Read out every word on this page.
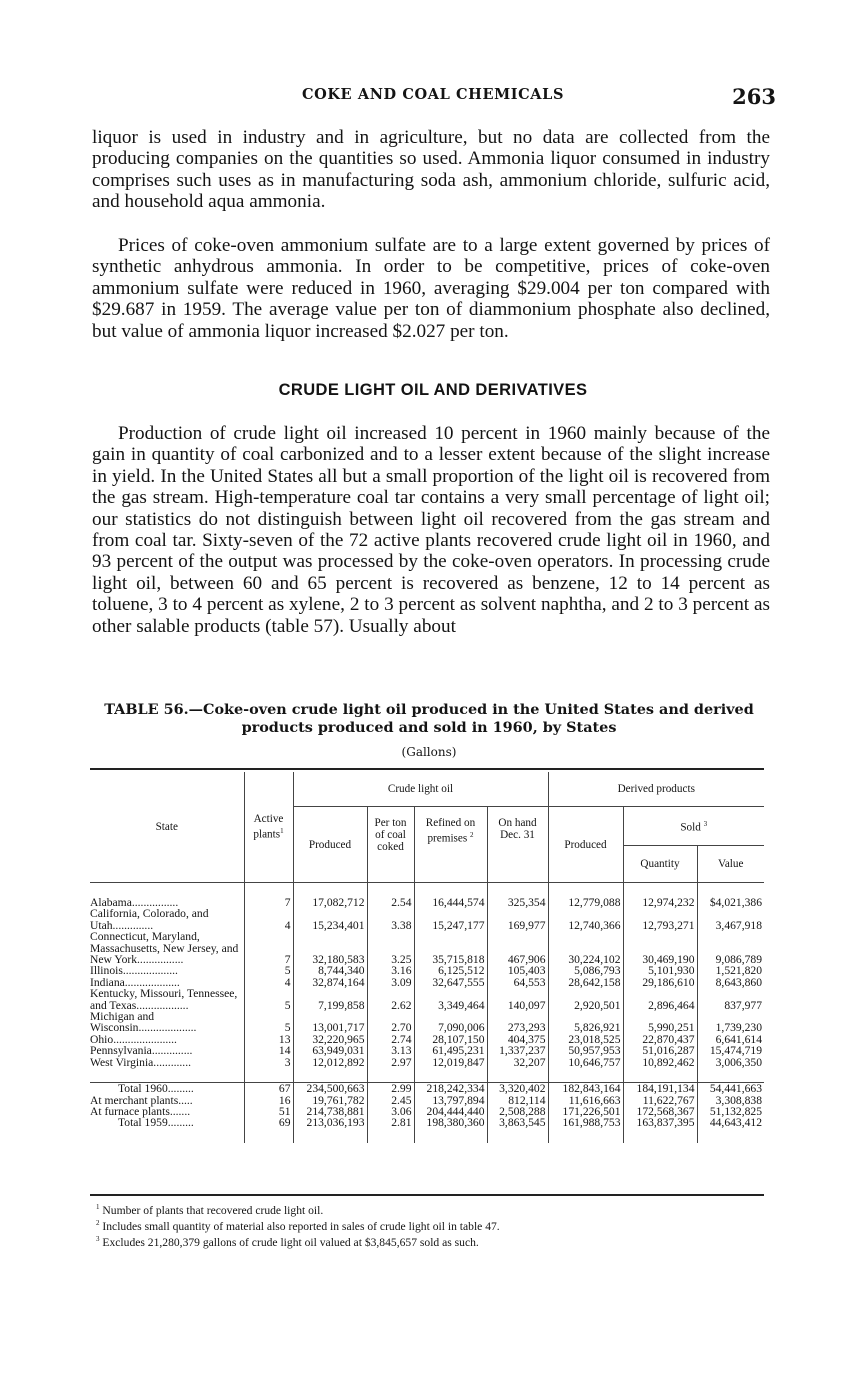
COKE AND COAL CHEMICALS	263

liquor is used in industry and in agriculture, but no data are collected from the producing companies on the quantities so used. Ammonia liquor consumed in industry comprises such uses as in manufacturing soda ash, ammonium chloride, sulfuric acid, and household aqua ammonia.

Prices of coke-oven ammonium sulfate are to a large extent governed by prices of synthetic anhydrous ammonia. In order to be competitive, prices of coke-oven ammonium sulfate were reduced in 1960, averaging $29.004 per ton compared with $29.687 in 1959. The average value per ton of diammonium phosphate also declined, but value of ammonia liquor increased $2.027 per ton.

CRUDE LIGHT OIL AND DERIVATIVES

Production of crude light oil increased 10 percent in 1960 mainly because of the gain in quantity of coal carbonized and to a lesser extent because of the slight increase in yield. In the United States all but a small proportion of the light oil is recovered from the gas stream. High-temperature coal tar contains a very small percentage of light oil; our statistics do not distinguish between light oil recovered from the gas stream and from coal tar. Sixty-seven of the 72 active plants recovered crude light oil in 1960, and 93 percent of the output was processed by the coke-oven operators. In processing crude light oil, between 60 and 65 percent is recovered as benzene, 12 to 14 percent as toluene, 3 to 4 percent as xylene, 2 to 3 percent as solvent naphtha, and 2 to 3 percent as other salable products (table 57). Usually about

TABLE 56.—Coke-oven crude light oil produced in the United States and derived
products produced and sold in 1960, by States
(Gallons)
State	Active plants$^1$	Crude light oil				Derived products		
		Produced	Per ton of coal coked	Refined on premises $^2$	On hand Dec. 31	Produced	Sold $^3$
							Quantity	Value

Alabama................	7	17,082,712	2.54	16,444,574	325,354	12,779,088	12,974,232	$4,021,386
California, Colorado, and Utah..............	4	15,234,401	3.38	15,247,177	169,977	12,740,366	12,793,271	3,467,918
Connecticut, Maryland, Massachusetts, New Jersey, and New York................	7	32,180,583	3.25	35,715,818	467,906	30,224,102	30,469,190	9,086,789
Illinois...................	5	8,744,340	3.16	6,125,512	105,403	5,086,793	5,101,930	1,521,820
Indiana...................	4	32,874,164	3.09	32,647,555	64,553	28,642,158	29,186,610	8,643,860
Kentucky, Missouri, Tennessee, and Texas..................	5	7,199,858	2.62	3,349,464	140,097	2,920,501	2,896,464	837,977
Michigan and Wisconsin....................	5	13,001,717	2.70	7,090,006	273,293	5,826,921	5,990,251	1,739,230
Ohio......................	13	32,220,965	2.74	28,107,150	404,375	23,018,525	22,870,437	6,641,614
Pennsylvania..............	14	63,949,031	3.13	61,495,231	1,337,237	50,957,953	51,016,287	15,474,719
West Virginia.............	3	12,012,892	2.97	12,019,847	32,207	10,646,757	10,892,462	3,006,350

Total 1960.........	67	234,500,663	2.99	218,242,334	3,320,402	182,843,164	184,191,134	54,441,663
At merchant plants.....	16	19,761,782	2.45	13,797,894	812,114	11,616,663	11,622,767	3,308,838
At furnace plants.......	51	214,738,881	3.06	204,444,440	2,508,288	171,226,501	172,568,367	51,132,825
Total 1959.........	69	213,036,193	2.81	198,380,360	3,863,545	161,988,753	163,837,395	44,643,412

$^1$ Number of plants that recovered crude light oil.
$^2$ Includes small quantity of material also reported in sales of crude light oil in table 47.
$^3$ Excludes 21,280,379 gallons of crude light oil valued at $3,845,657 sold as such.
